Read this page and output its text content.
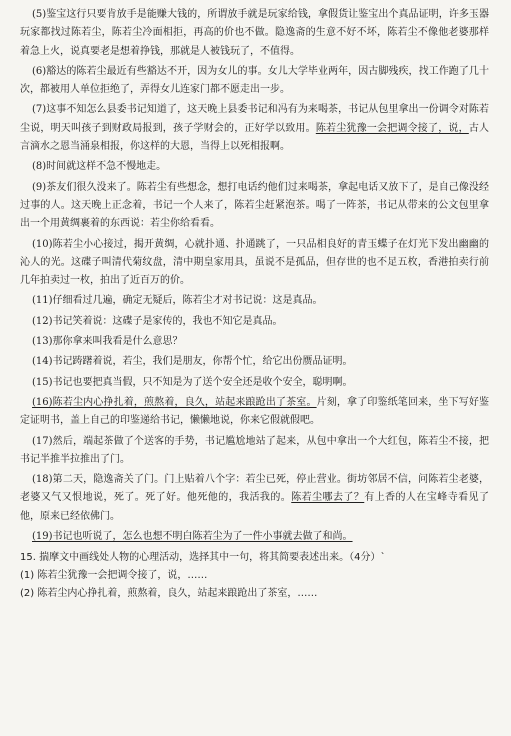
(5)鉴宝这行只要肯放手是能赚大钱的，所谓放手就是玩家给钱，拿假货让鉴宝出个真品证明，许多玉器玩家都找过陈若尘，陈若尘冷面相拒，再高的价也不做。隐逸斋的生意不好不坏，陈若尘不像他老婆那样着急上火，说真要老是想着挣钱，那就是人被钱玩了，不值得。

(6)豁达的陈若尘最近有些豁达不开，因为女儿的事。女儿大学毕业两年，因古脚残疾，找工作跑了几十次，都被用人单位拒绝了，弄得女儿连家门都不愿走出一步。

(7)这事不知怎么县委书记知道了，这天晚上县委书记和冯有为来喝茶，书记从包里拿出一份调令对陈若尘说，明天叫孩子到财政局报到，孩子学财会的，正好学以致用。陈若尘犹豫一会把调令接了，说，古人言滴水之恩当涌泉相报，你这样的大恩，当得上以死相报啊。

(8)时间就这样不急不慢地走。

(9)茶友们很久没来了。陈若尘有些想念，想打电话约他们过来喝茶，拿起电话又放下了，是自己像没经过事的人。这天晚上正念着，书记一个人来了，陈若尘赶紧泡茶。喝了一阵茶，书记从带来的公文包里拿出一个用黄绸裹着的东西说：若尘你给看看。

(10)陈若尘小心接过，揭开黄绸，心就扑通、扑通跳了，一只品相良好的青玉蝶子在灯光下发出幽幽的沁人的光。这碟子叫清代菊纹盘，清中期皇家用具，虽说不是孤品，但存世的也不足五枚，香港拍卖行前几年拍卖过一枚，拍出了近百万的价。

(11)仔细看过几遍，确定无疑后，陈若尘才对书记说：这是真品。

(12)书记笑着说：这碟子是家传的，我也不知它是真品。

(13)那你拿来叫我看是什么意思？

(14)书记踌躇着说，若尘，我们是朋友，你帮个忙，给它出份赝品证明。

(15)书记也要把真当假，只不知是为了送个安全还是收个安全，聪明啊。

(16)陈若尘内心挣扎着，煎熬着，良久，站起来踉跄出了茶室。片刻，拿了印鉴纸笔回来，坐下写好鉴定证明书，盖上自己的印鉴递给书记，懒懒地说，你来它假就假吧。

(17)然后，端起茶做了个送客的手势，书记尴尬地站了起来，从包中拿出一个大红包，陈若尘不接，把书记半推半拉推出了门。

(18)第二天，隐逸斋关了门。门上贴着八个字：若尘已死，停止营业。街坊邻居不信，问陈若尘老婆，老婆又气又恨地说，死了。死了好。他死他的，我活我的。陈若尘哪去了？有上香的人在宝峰寺看见了他，原来已经依佛门。

(19)书记也听说了，怎么也想不明白陈若尘为了一件小事就去做了和尚。

15. 揣摩文中画线处人物的心理活动，选择其中一句，将其简要表述出来。（4分）`

(1) 陈若尘犹豫一会把调令接了，说，……

(2) 陈若尘内心挣扎着，煎熬着，良久，站起来踉跄出了茶室，……
